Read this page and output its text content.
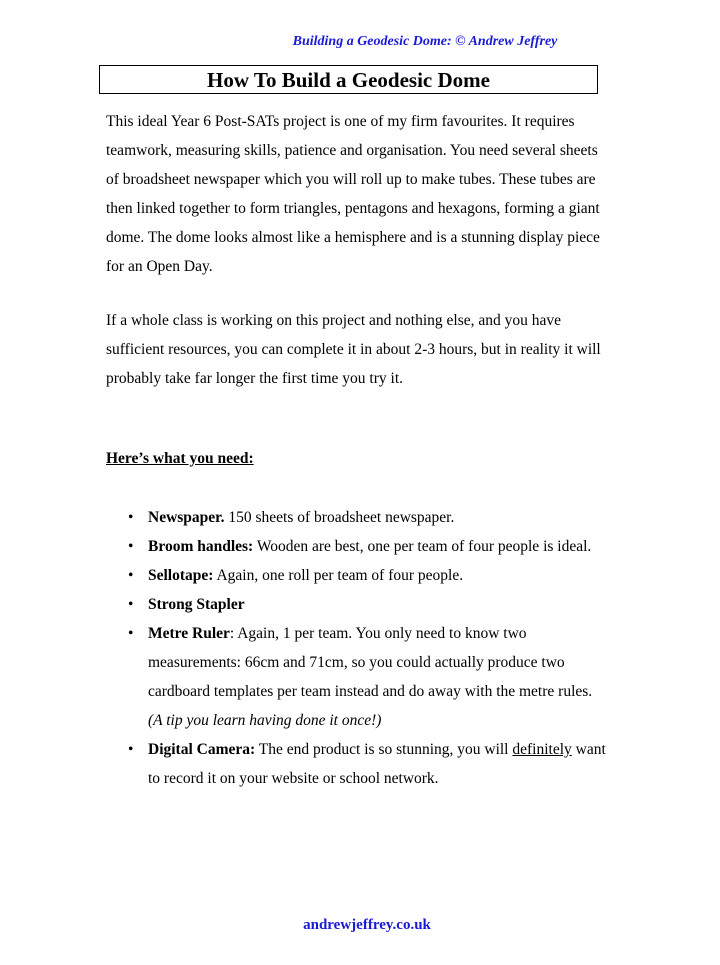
Building a Geodesic Dome: © Andrew Jeffrey
How To Build a Geodesic Dome
This ideal Year 6 Post-SATs project is one of my firm favourites. It requires teamwork, measuring skills, patience and organisation. You need several sheets of broadsheet newspaper which you will roll up to make tubes. These tubes are then linked together to form triangles, pentagons and hexagons, forming a giant dome. The dome looks almost like a hemisphere and is a stunning display piece for an Open Day.
If a whole class is working on this project and nothing else, and you have sufficient resources, you can complete it in about 2-3 hours, but in reality it will probably take far longer the first time you try it.
Here’s what you need:
• Newspaper. 150 sheets of broadsheet newspaper.
• Broom handles: Wooden are best, one per team of four people is ideal.
• Sellotape: Again, one roll per team of four people.
• Strong Stapler
• Metre Ruler: Again, 1 per team. You only need to know two measurements: 66cm and 71cm, so you could actually produce two cardboard templates per team instead and do away with the metre rules. (A tip you learn having done it once!)
• Digital Camera: The end product is so stunning, you will definitely want to record it on your website or school network.
andrewjeffrey.co.uk
